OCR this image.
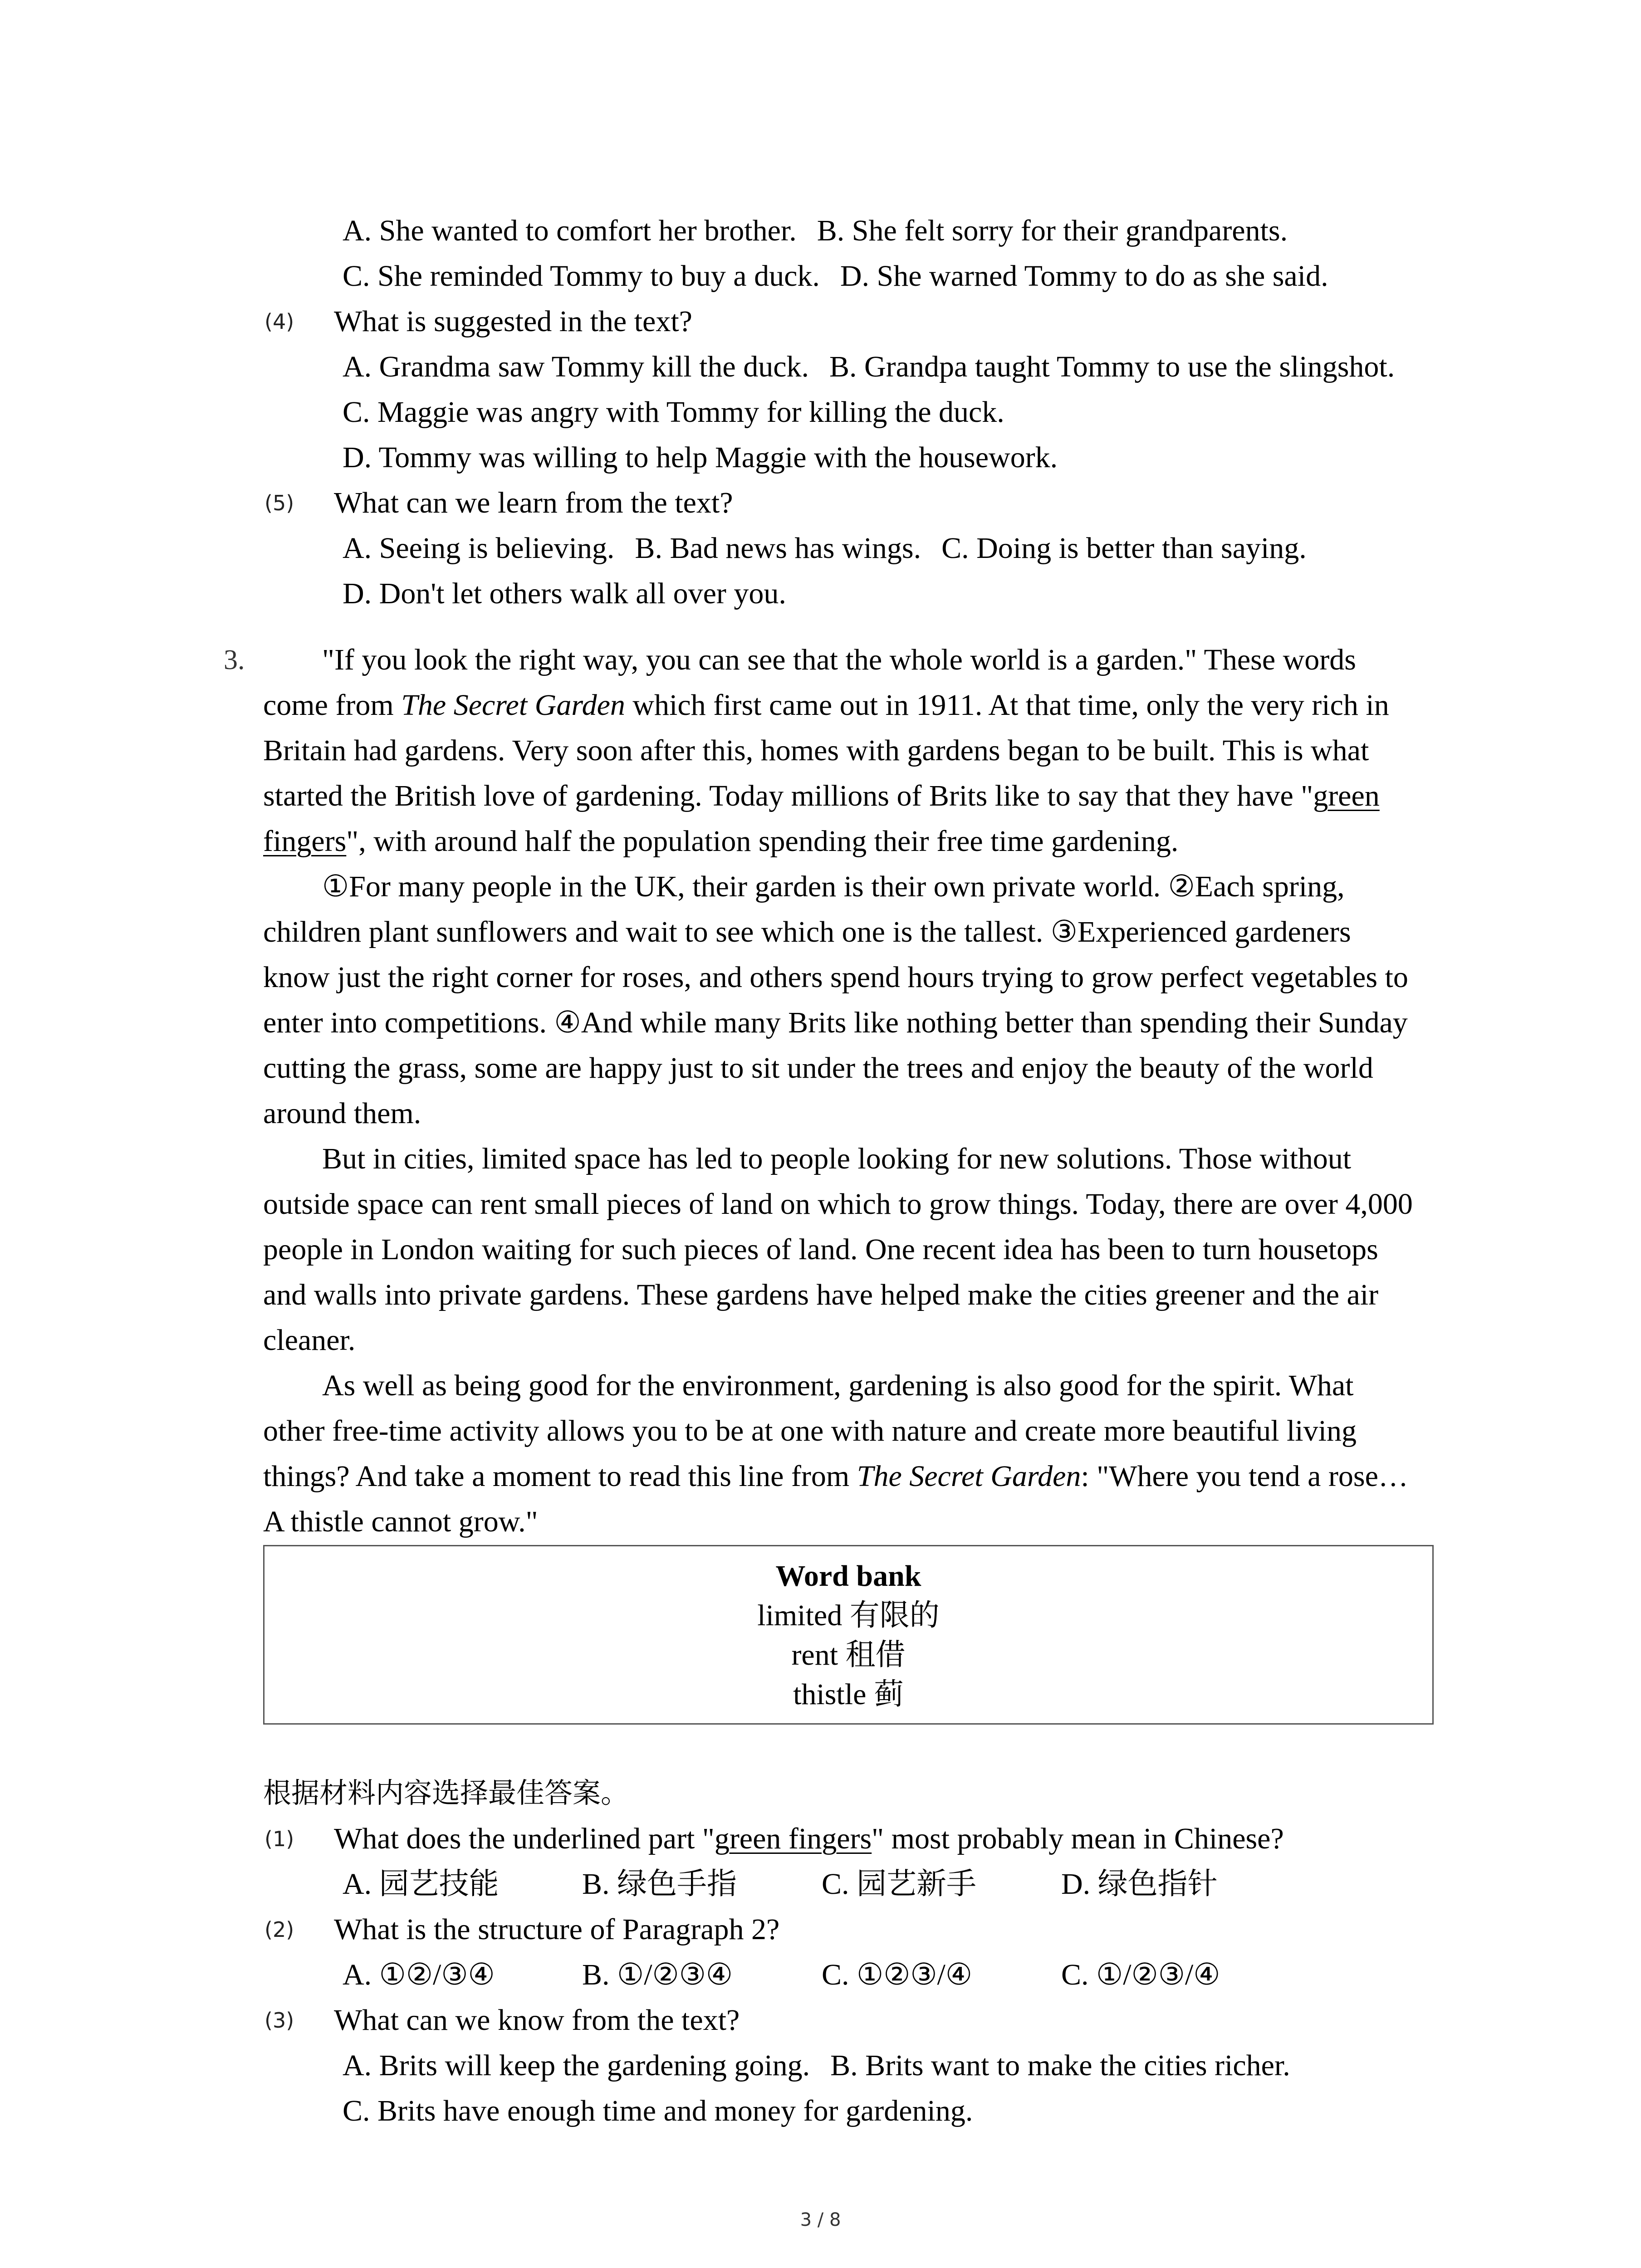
A. She wanted to comfort her brother. B. She felt sorry for their grandparents.
C. She reminded Tommy to buy a duck. D. She warned Tommy to do as she said.
(4) What is suggested in the text?
A. Grandma saw Tommy kill the duck. B. Grandpa taught Tommy to use the slingshot.
C. Maggie was angry with Tommy for killing the duck.
D. Tommy was willing to help Maggie with the housework.
(5) What can we learn from the text?
A. Seeing is believing. B. Bad news has wings. C. Doing is better than saying.
D. Don't let others walk all over you.
3.	"If you look the right way, you can see that the whole world is a garden." These words
come from The Secret Garden which first came out in 1911. At that time, only the very rich in
Britain had gardens. Very soon after this, homes with gardens began to be built. This is what
started the British love of gardening. Today millions of Brits like to say that they have "green
fingers", with around half the population spending their free time gardening.
①For many people in the UK, their garden is their own private world. ②Each spring,
children plant sunflowers and wait to see which one is the tallest. ③Experienced gardeners
know just the right corner for roses, and others spend hours trying to grow perfect vegetables to
enter into competitions. ④And while many Brits like nothing better than spending their Sunday
cutting the grass, some are happy just to sit under the trees and enjoy the beauty of the world
around them.
But in cities, limited space has led to people looking for new solutions. Those without
outside space can rent small pieces of land on which to grow things. Today, there are over 4,000
people in London waiting for such pieces of land. One recent idea has been to turn housetops
and walls into private gardens. These gardens have helped make the cities greener and the air
cleaner.
As well as being good for the environment, gardening is also good for the spirit. What
other free-time activity allows you to be at one with nature and create more beautiful living
things? And take a moment to read this line from The Secret Garden: "Where you tend a rose…
A thistle cannot grow."
Word bank
limited 有限的
rent 租借
thistle 蓟
根据材料内容选择最佳答案。
(1) What does the underlined part "green fingers" most probably mean in Chinese?
A. 园艺技能	B. 绿色手指	C. 园艺新手	D. 绿色指针
(2) What is the structure of Paragraph 2?
A. ①②/③④	B. ①/②③④	C. ①②③/④	C. ①/②③/④
(3) What can we know from the text?
A. Brits will keep the gardening going. B. Brits want to make the cities richer.
C. Brits have enough time and money for gardening.
3 / 8
